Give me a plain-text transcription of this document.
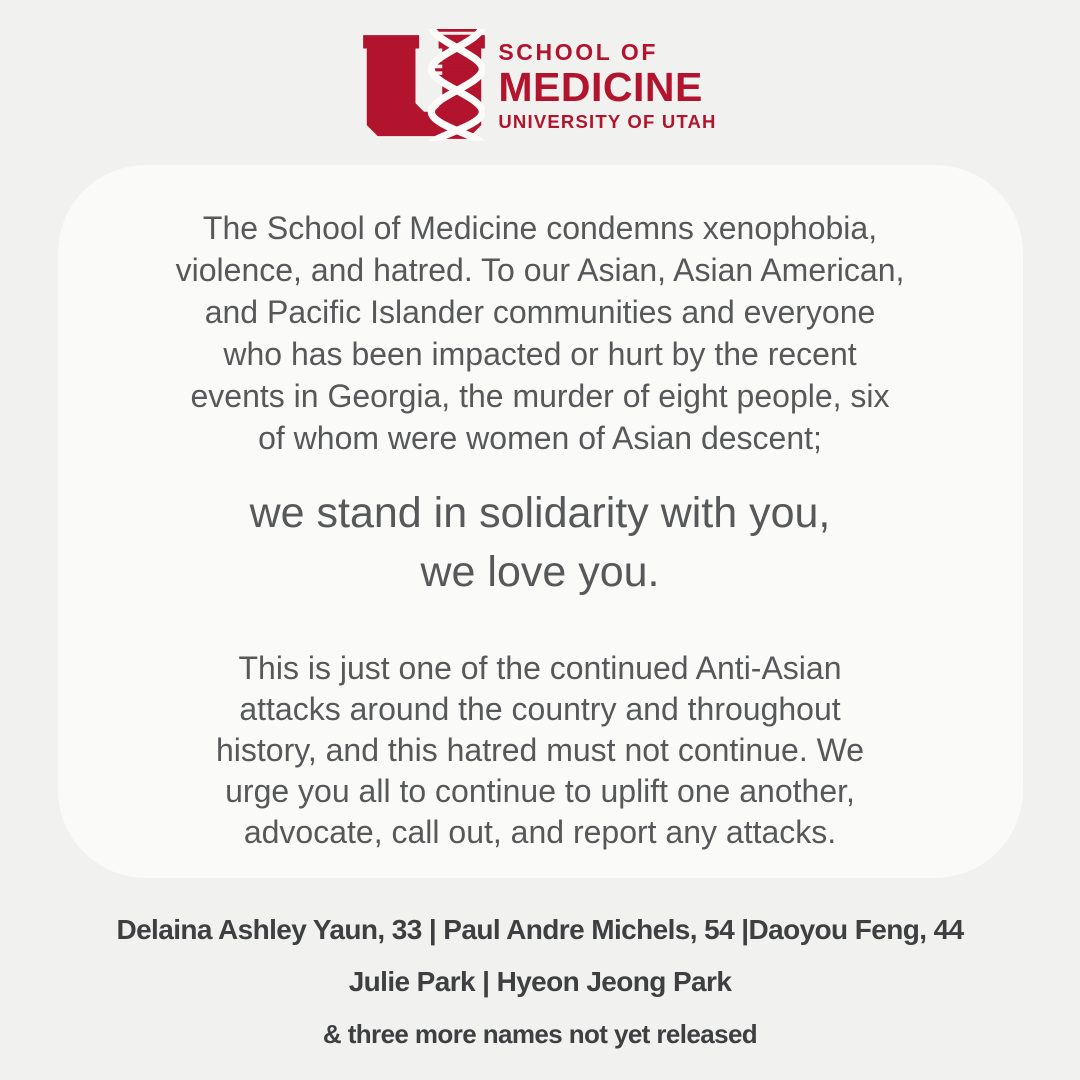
SCHOOL OF
MEDICINE
UNIVERSITY OF UTAH

The School of Medicine condemns xenophobia,
violence, and hatred. To our Asian, Asian American,
and Pacific Islander communities and everyone
who has been impacted or hurt by the recent
events in Georgia, the murder of eight people, six
of whom were women of Asian descent;

we stand in solidarity with you,
we love you.

This is just one of the continued Anti-Asian
attacks around the country and throughout
history, and this hatred must not continue. We
urge you all to continue to uplift one another,
advocate, call out, and report any attacks.

Delaina Ashley Yaun, 33 | Paul Andre Michels, 54 |Daoyou Feng, 44
Julie Park | Hyeon Jeong Park
& three more names not yet released
